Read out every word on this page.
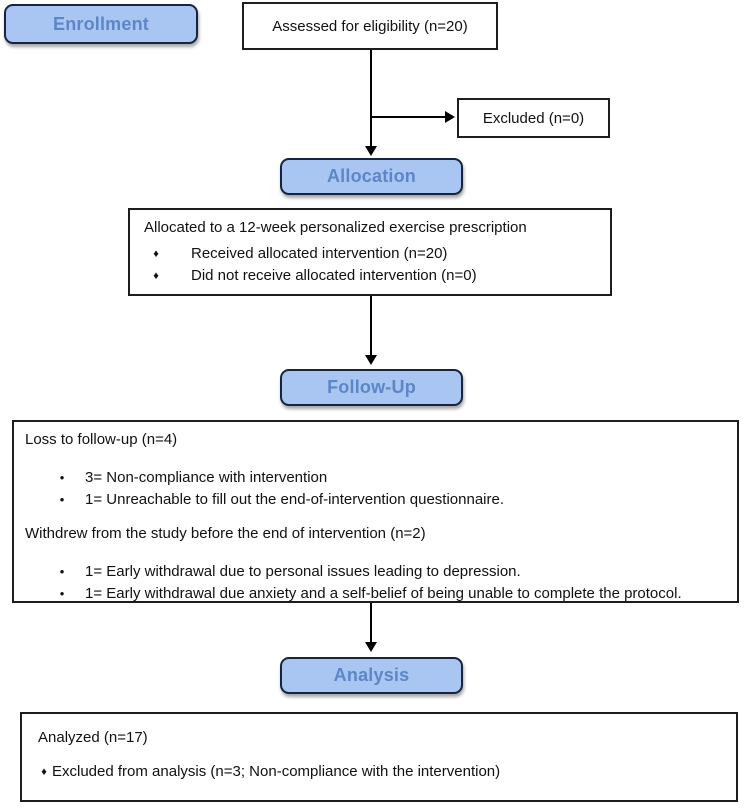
Enrollment	Assessed for eligibility (n=20)
Excluded (n=0)
Allocation
Allocated to a 12-week personalized exercise prescription
♦ Received allocated intervention (n=20)
♦ Did not receive allocated intervention (n=0)
Follow-Up
Loss to follow-up (n=4)
•	3= Non-compliance with intervention
•	1= Unreachable to fill out the end-of-intervention questionnaire.
Withdrew from the study before the end of intervention (n=2)
•	1= Early withdrawal due to personal issues leading to depression.
•	1= Early withdrawal due anxiety and a self-belief of being unable to complete the protocol.
Analysis
Analyzed (n=17)
♦ Excluded from analysis (n=3; Non-compliance with the intervention)
